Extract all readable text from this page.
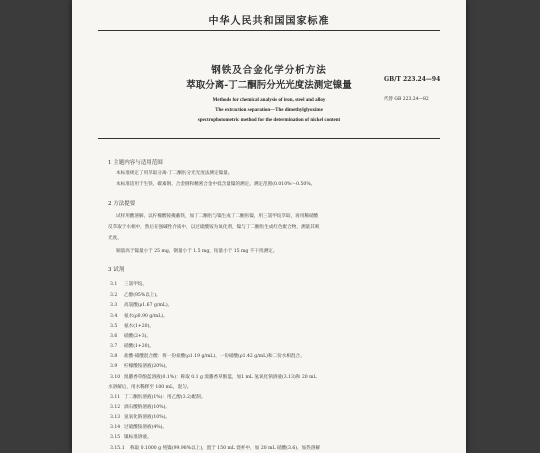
中华人民共和国国家标准
钢铁及合金化学分析方法
萃取分离-丁二酮肟分光光度法测定镍量
GB/T 223.24—94
代替 GB 223.24—82
Methods for chemical analysis of iron, steel and alloy
The extraction separation—The dimethylglyoxime
spectrophotometric method for the determination of nickel content
1 主题内容与适用范围
本标准规定了用萃取分离-丁二酮肟分光光度法测定镍量。
本标准适用于生铁、碳素钢、合金钢和精密合金中低含量镍的测定。测定范围(0.010%～0.50%。
2 方法提要
试样用酸溶解，以柠檬酸铵掩蔽铁，加丁二酮肟与镍生成丁二酮肟镍，用三氯甲烷萃取，再用稀硝酸
反萃取于水相中，然后在强碱性介质中，以过硫酸铵为氧化剂，镍与丁二酮肟生成红色配合物，测量其吸
光度。
铜量高于镍量小于 25 mg，钢量小于 1.5 mg，钴量小于 15 mg 不干扰测定。
3 试剂
3.1 三氯甲烷。
3.2 乙醇(95%以上)。
3.3 高氯酸(ρ1.67 g/mL)。
3.4 氨水(ρ0.90 g/mL)。
3.5 氨水(1+20)。
3.6 硝酸(2+3)。
3.7 硝酸(1+20)。
3.8 盐酸-硝酸混合酸：将一份盐酸(ρ1.19 g/mL)、一份硝酸(ρ1.42 g/mL)和二份水相混合。
3.9 柠檬酸铵溶液(20%)。
3.10 溴麝香草酚蓝溶液(0.1%)：称取 0.1 g 溴麝香草酚蓝，加1 mL 氢氧化钠溶液(3.13)和 20 mL
水溶解后，用水稀释至 100 mL，混匀。
3.11 丁二酮肟溶液(1%)：用乙醇(3.2)配制。
3.12 酒石酸钠溶液(10%)。
3.13 氢氧化钠溶液(10%)。
3.14 过硫酸铵溶液(4%)。
3.15 镍标准溶液。
3.15.1 称取 0.1000 g 纯镍(99.98%以上)，置于 150 mL 烧杯中，加 20 mL 硝酸(3.6)，加热溶解
